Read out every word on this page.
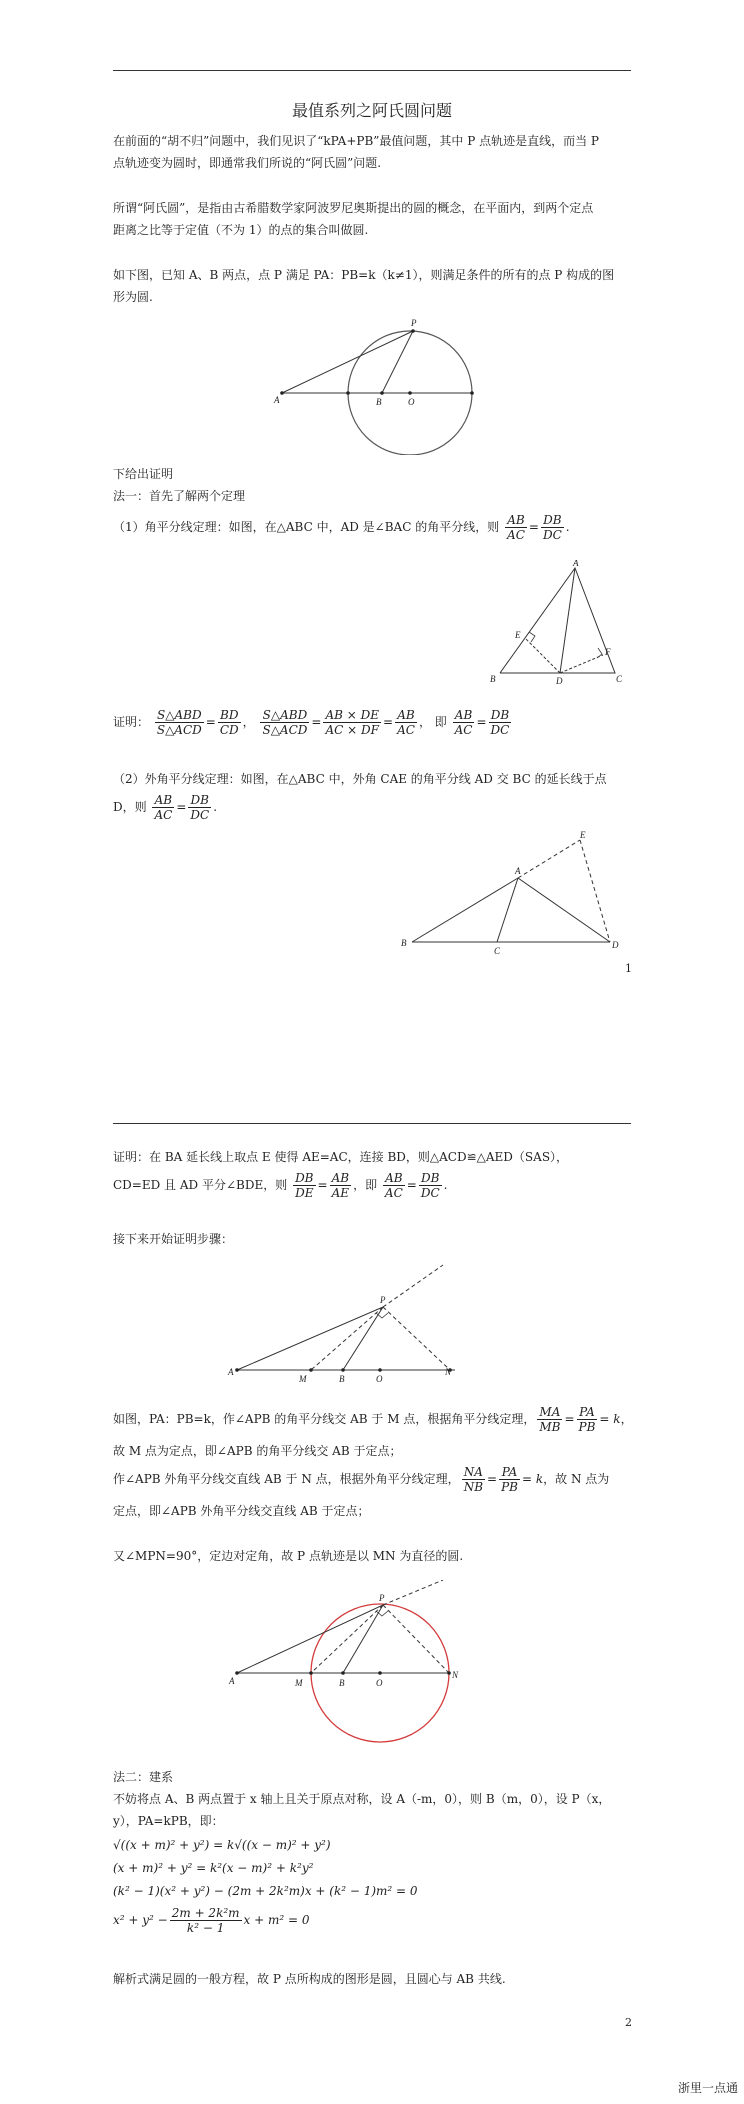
最值系列之阿氏圆问题
在前面的“胡不归”问题中，我们见识了“kPA+PB”最值问题，其中 P 点轨迹是直线，而当 P
点轨迹变为圆时，即通常我们所说的“阿氏圆”问题.
所谓“阿氏圆”，是指由古希腊数学家阿波罗尼奥斯提出的圆的概念，在平面内，到两个定点
距离之比等于定值（不为 1）的点的集合叫做圆.
如下图，已知 A、B 两点，点 P 满足 PA：PB=k（k≠1），则满足条件的所有的点 P 构成的图
形为圆.
P
A	B	O
下给出证明
法一：首先了解两个定理
（1）角平分线定理：如图，在△ABC 中，AD 是∠BAC 的角平分线，则 $\frac{AB}{AC} = \frac{DB}{DC}$ .
A
B	C
D
E
F
证明： $\frac{\text{S△ABD}}{\text{S△ACD}} = \frac{BD}{CD}$ ， $\frac{\text{S△ABD}}{\text{S△ACD}} = \frac{AB \times DE}{AC \times DF} = \frac{AB}{AC}$ ， 即 $\frac{AB}{AC} = \frac{DB}{DC}$
（2）外角平分线定理：如图，在△ABC 中，外角 CAE 的角平分线 AD 交 BC 的延长线于点
D，则 $\frac{AB}{AC} = \frac{DB}{DC}$ .
A
B
C
D
E
1
证明：在 BA 延长线上取点 E 使得 AE=AC，连接 BD，则△ACD≌△AED（SAS），
CD=ED 且 AD 平分∠BDE，则 $\frac{DB}{DE} = \frac{AB}{AE}$ ，即 $\frac{AB}{AC} = \frac{DB}{DC}$ .
接下来开始证明步骤：
P
A
M	B	O
N
如图，PA：PB=k，作∠APB 的角平分线交 AB 于 M 点，根据角平分线定理， $\frac{MA}{MB} = \frac{PA}{PB} = k$，
故 M 点为定点，即∠APB 的角平分线交 AB 于定点；
作∠APB 外角平分线交直线 AB 于 N 点，根据外角平分线定理， $\frac{NA}{NB} = \frac{PA}{PB} = k$，故 N 点为
定点，即∠APB 外角平分线交直线 AB 于定点；
又∠MPN=90°，定边对定角，故 P 点轨迹是以 MN 为直径的圆.
P
A	M	B	O
N
法二：建系
不妨将点 A、B 两点置于 x 轴上且关于原点对称，设 A（-m，0），则 B（m，0），设 P（x，
y），PA=kPB，即：
√((x + m)² + y²) = k√((x − m)² + y²)
(x + m)² + y² = k²(x − m)² + k²y²
(k² − 1)(x² + y²) − (2m + 2k²m)x + (k² − 1)m² = 0
$x^2 + y^2 - \frac{\text{2m + 2k²m}}{\text{k² − 1}}$ x + m² = 0
解析式满足圆的一般方程，故 P 点所构成的图形是圆，且圆心与 AB 共线.
2
浙里一点通
